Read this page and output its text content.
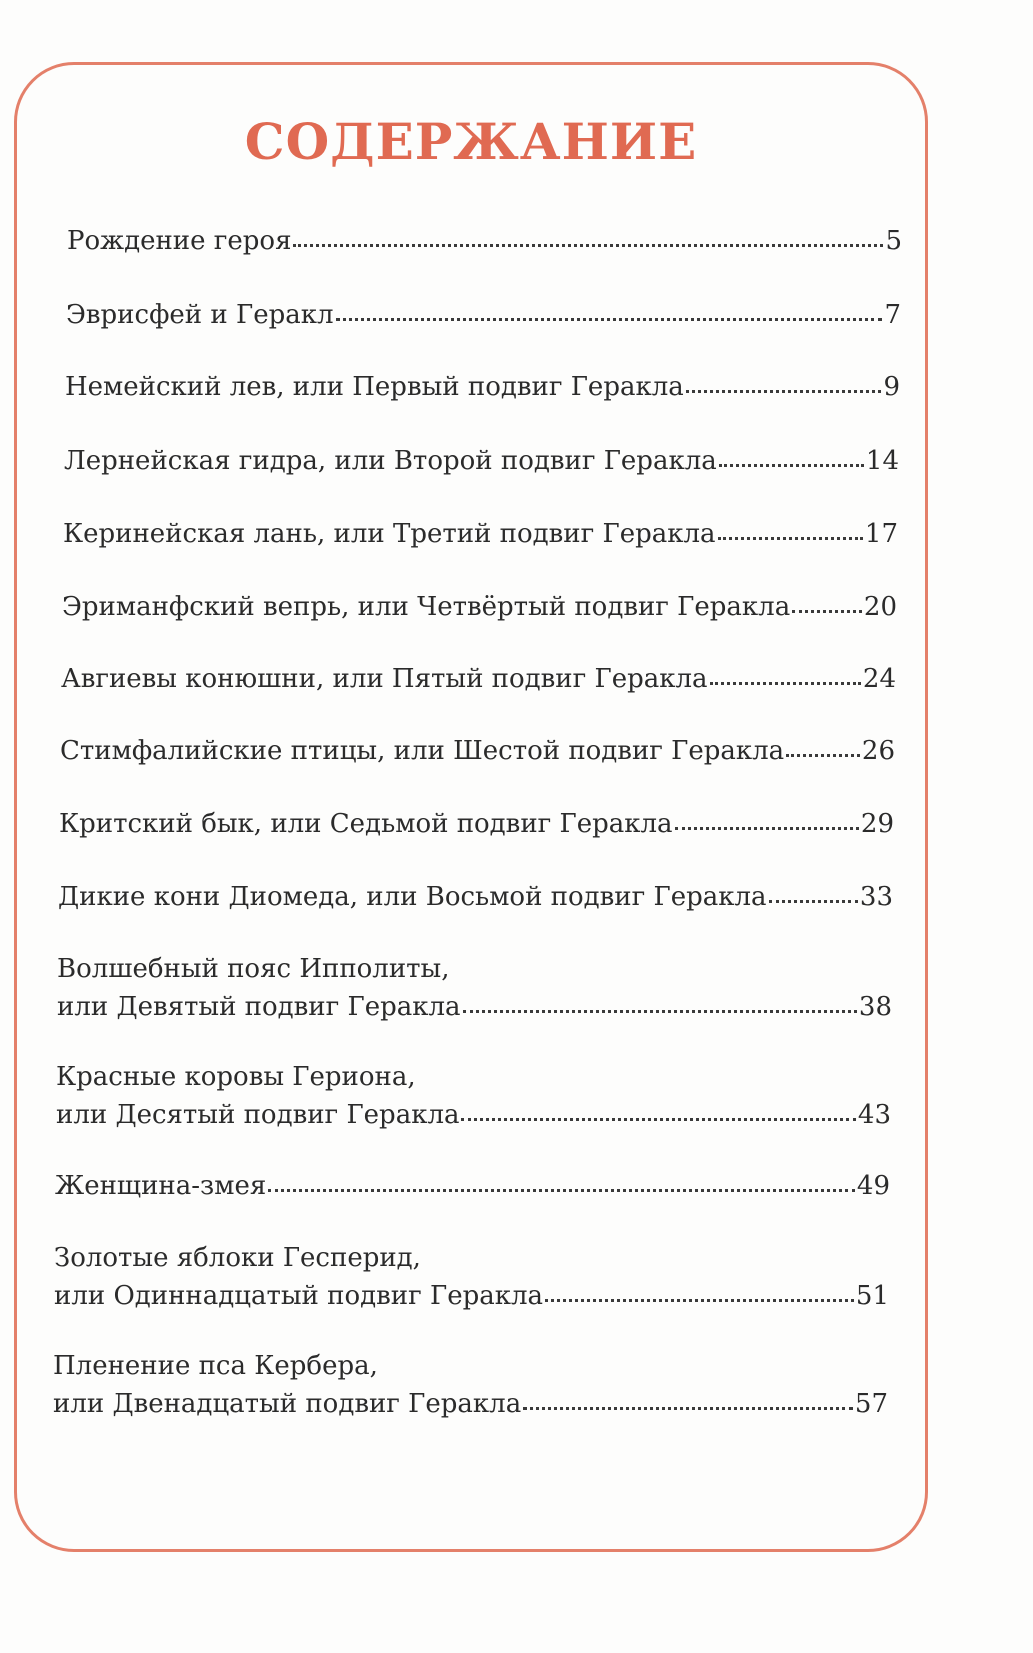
СОДЕРЖАНИЕ
Рождение героя	5
Эврисфей и Геракл	7
Немейский лев, или Первый подвиг Геракла	9
Лернейская гидра, или Второй подвиг Геракла	14
Керинейская лань, или Третий подвиг Геракла	17
Эриманфский вепрь, или Четвёртый подвиг Геракла	20
Авгиевы конюшни, или Пятый подвиг Геракла	24
Стимфалийские птицы, или Шестой подвиг Геракла	26
Критский бык, или Седьмой подвиг Геракла	29
Дикие кони Диомеда, или Восьмой подвиг Геракла	33
Волшебный пояс Ипполиты,
или Девятый подвиг Геракла	38
Красные коровы Гериона,
или Десятый подвиг Геракла	43
Женщина-змея	49
Золотые яблоки Гесперид,
или Одиннадцатый подвиг Геракла	51
Пленение пса Кербера,
или Двенадцатый подвиг Геракла	57
